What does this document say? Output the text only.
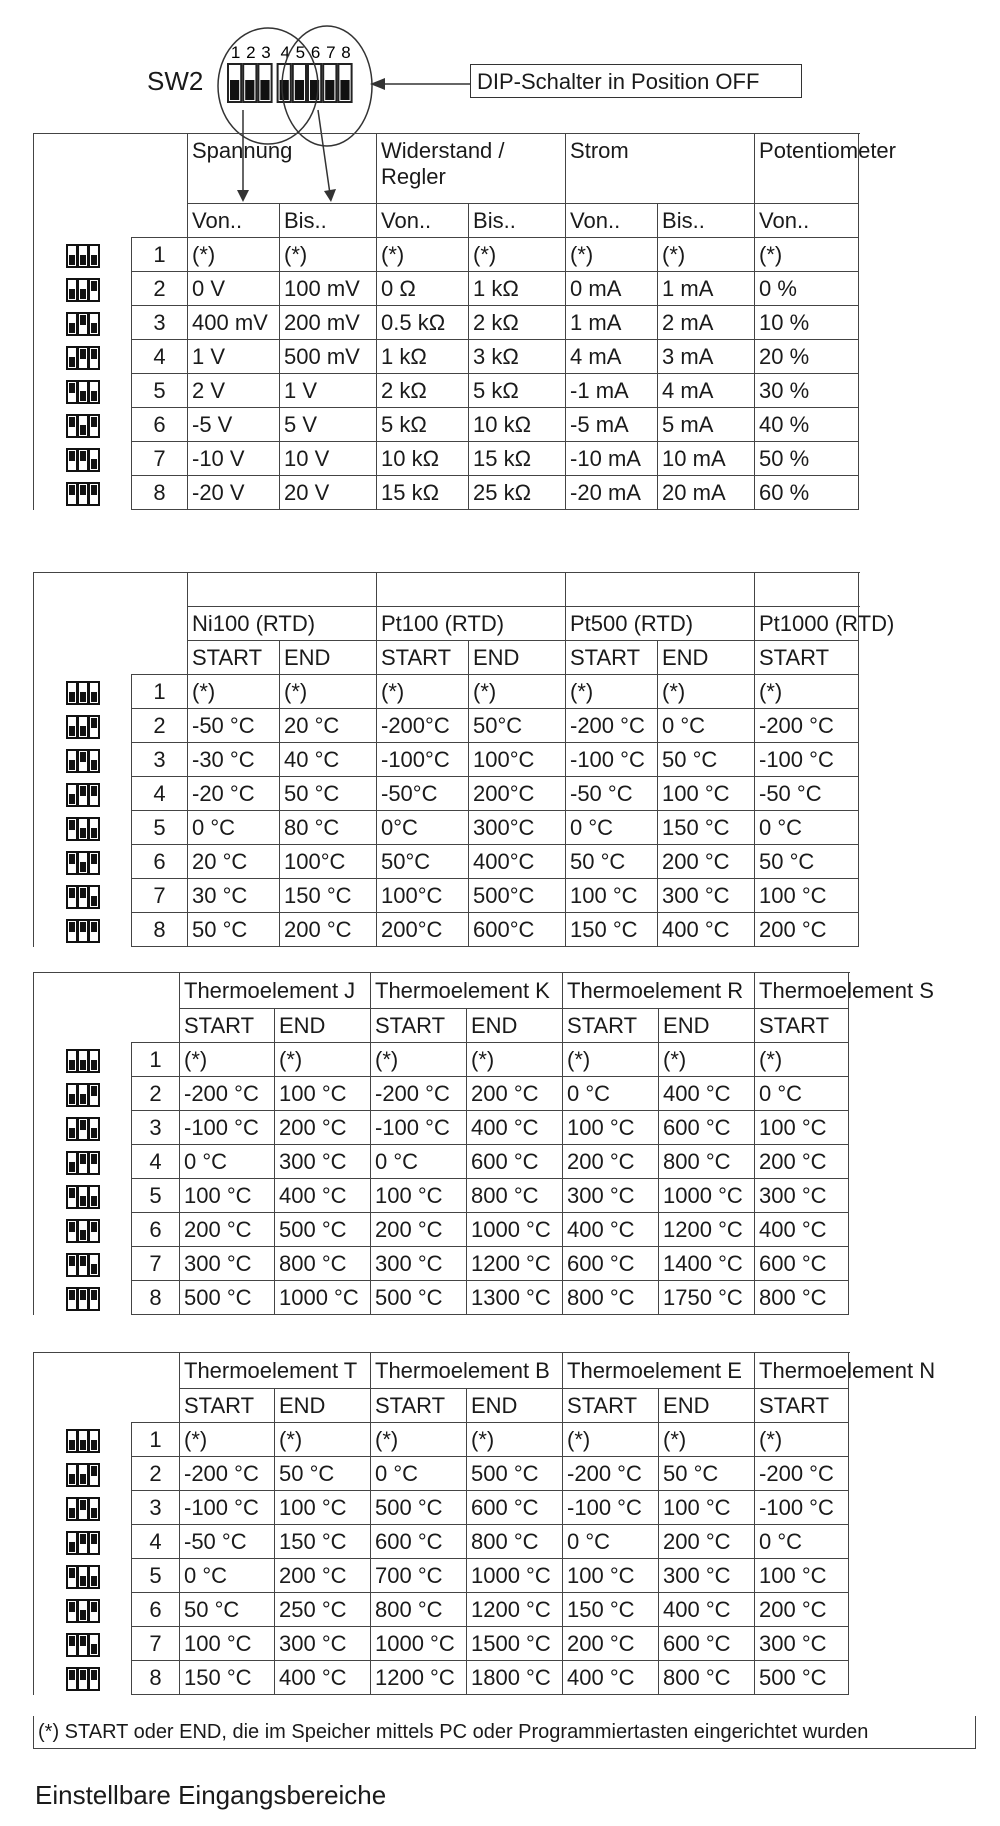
SW2
1 2 3 4 5 6 7 8
DIP-Schalter in Position OFF
		Spannung		Widerstand / Regler		Strom		Potentiometer	
		Von..	Bis..	Von..	Bis..	Von..	Bis..	Von..	
	1	(*)	(*)	(*)	(*)	(*)	(*)	(*)	
	2	0 V	100 mV	0 Ω	1 kΩ	0 mA	1 mA	0 %	
	3	400 mV	200 mV	0.5 kΩ	2 kΩ	1 mA	2 mA	10 %	
	4	1 V	500 mV	1 kΩ	3 kΩ	4 mA	3 mA	20 %	
	5	2 V	1 V	2 kΩ	5 kΩ	-1 mA	4 mA	30 %	
	6	-5 V	5 V	5 kΩ	10 kΩ	-5 mA	5 mA	40 %	
	7	-10 V	10 V	10 kΩ	15 kΩ	-10 mA	10 mA	50 %	
	8	-20 V	20 V	15 kΩ	25 kΩ	-20 mA	20 mA	60 %	

		Ni100 (RTD)		Pt100 (RTD)		Pt500 (RTD)		Pt1000 (RTD)	
		START	END	START	END	START	END	START	
	1	(*)	(*)	(*)	(*)	(*)	(*)	(*)	
	2	-50 °C	20 °C	-200°C	50°C	-200 °C	0 °C	-200 °C	
	3	-30 °C	40 °C	-100°C	100°C	-100 °C	50 °C	-100 °C	
	4	-20 °C	50 °C	-50°C	200°C	-50 °C	100 °C	-50 °C	
	5	0 °C	80 °C	0°C	300°C	0 °C	150 °C	0 °C	
	6	20 °C	100°C	50°C	400°C	50 °C	200 °C	50 °C	
	7	30 °C	150 °C	100°C	500°C	100 °C	300 °C	100 °C	
	8	50 °C	200 °C	200°C	600°C	150 °C	400 °C	200 °C	
		Thermoelement J		Thermoelement K		Thermoelement R		Thermoelement S	
		START	END	START	END	START	END	START	
	1	(*)	(*)	(*)	(*)	(*)	(*)	(*)	
	2	-200 °C	100 °C	-200 °C	200 °C	0 °C	400 °C	0 °C	
	3	-100 °C	200 °C	-100 °C	400 °C	100 °C	600 °C	100 °C	
	4	0 °C	300 °C	0 °C	600 °C	200 °C	800 °C	200 °C	
	5	100 °C	400 °C	100 °C	800 °C	300 °C	1000 °C	300 °C	
	6	200 °C	500 °C	200 °C	1000 °C	400 °C	1200 °C	400 °C	
	7	300 °C	800 °C	300 °C	1200 °C	600 °C	1400 °C	600 °C	
	8	500 °C	1000 °C	500 °C	1300 °C	800 °C	1750 °C	800 °C	
		Thermoelement T		Thermoelement B		Thermoelement E		Thermoelement N	
		START	END	START	END	START	END	START	
	1	(*)	(*)	(*)	(*)	(*)	(*)	(*)	
	2	-200 °C	50 °C	0 °C	500 °C	-200 °C	50 °C	-200 °C	
	3	-100 °C	100 °C	500 °C	600 °C	-100 °C	100 °C	-100 °C	
	4	-50 °C	150 °C	600 °C	800 °C	0 °C	200 °C	0 °C	
	5	0 °C	200 °C	700 °C	1000 °C	100 °C	300 °C	100 °C	
	6	50 °C	250 °C	800 °C	1200 °C	150 °C	400 °C	200 °C	
	7	100 °C	300 °C	1000 °C	1500 °C	200 °C	600 °C	300 °C	
	8	150 °C	400 °C	1200 °C	1800 °C	400 °C	800 °C	500 °C	
(*) START oder END, die im Speicher mittels PC oder Programmiertasten eingerichtet wurden
Einstellbare Eingangsbereiche
